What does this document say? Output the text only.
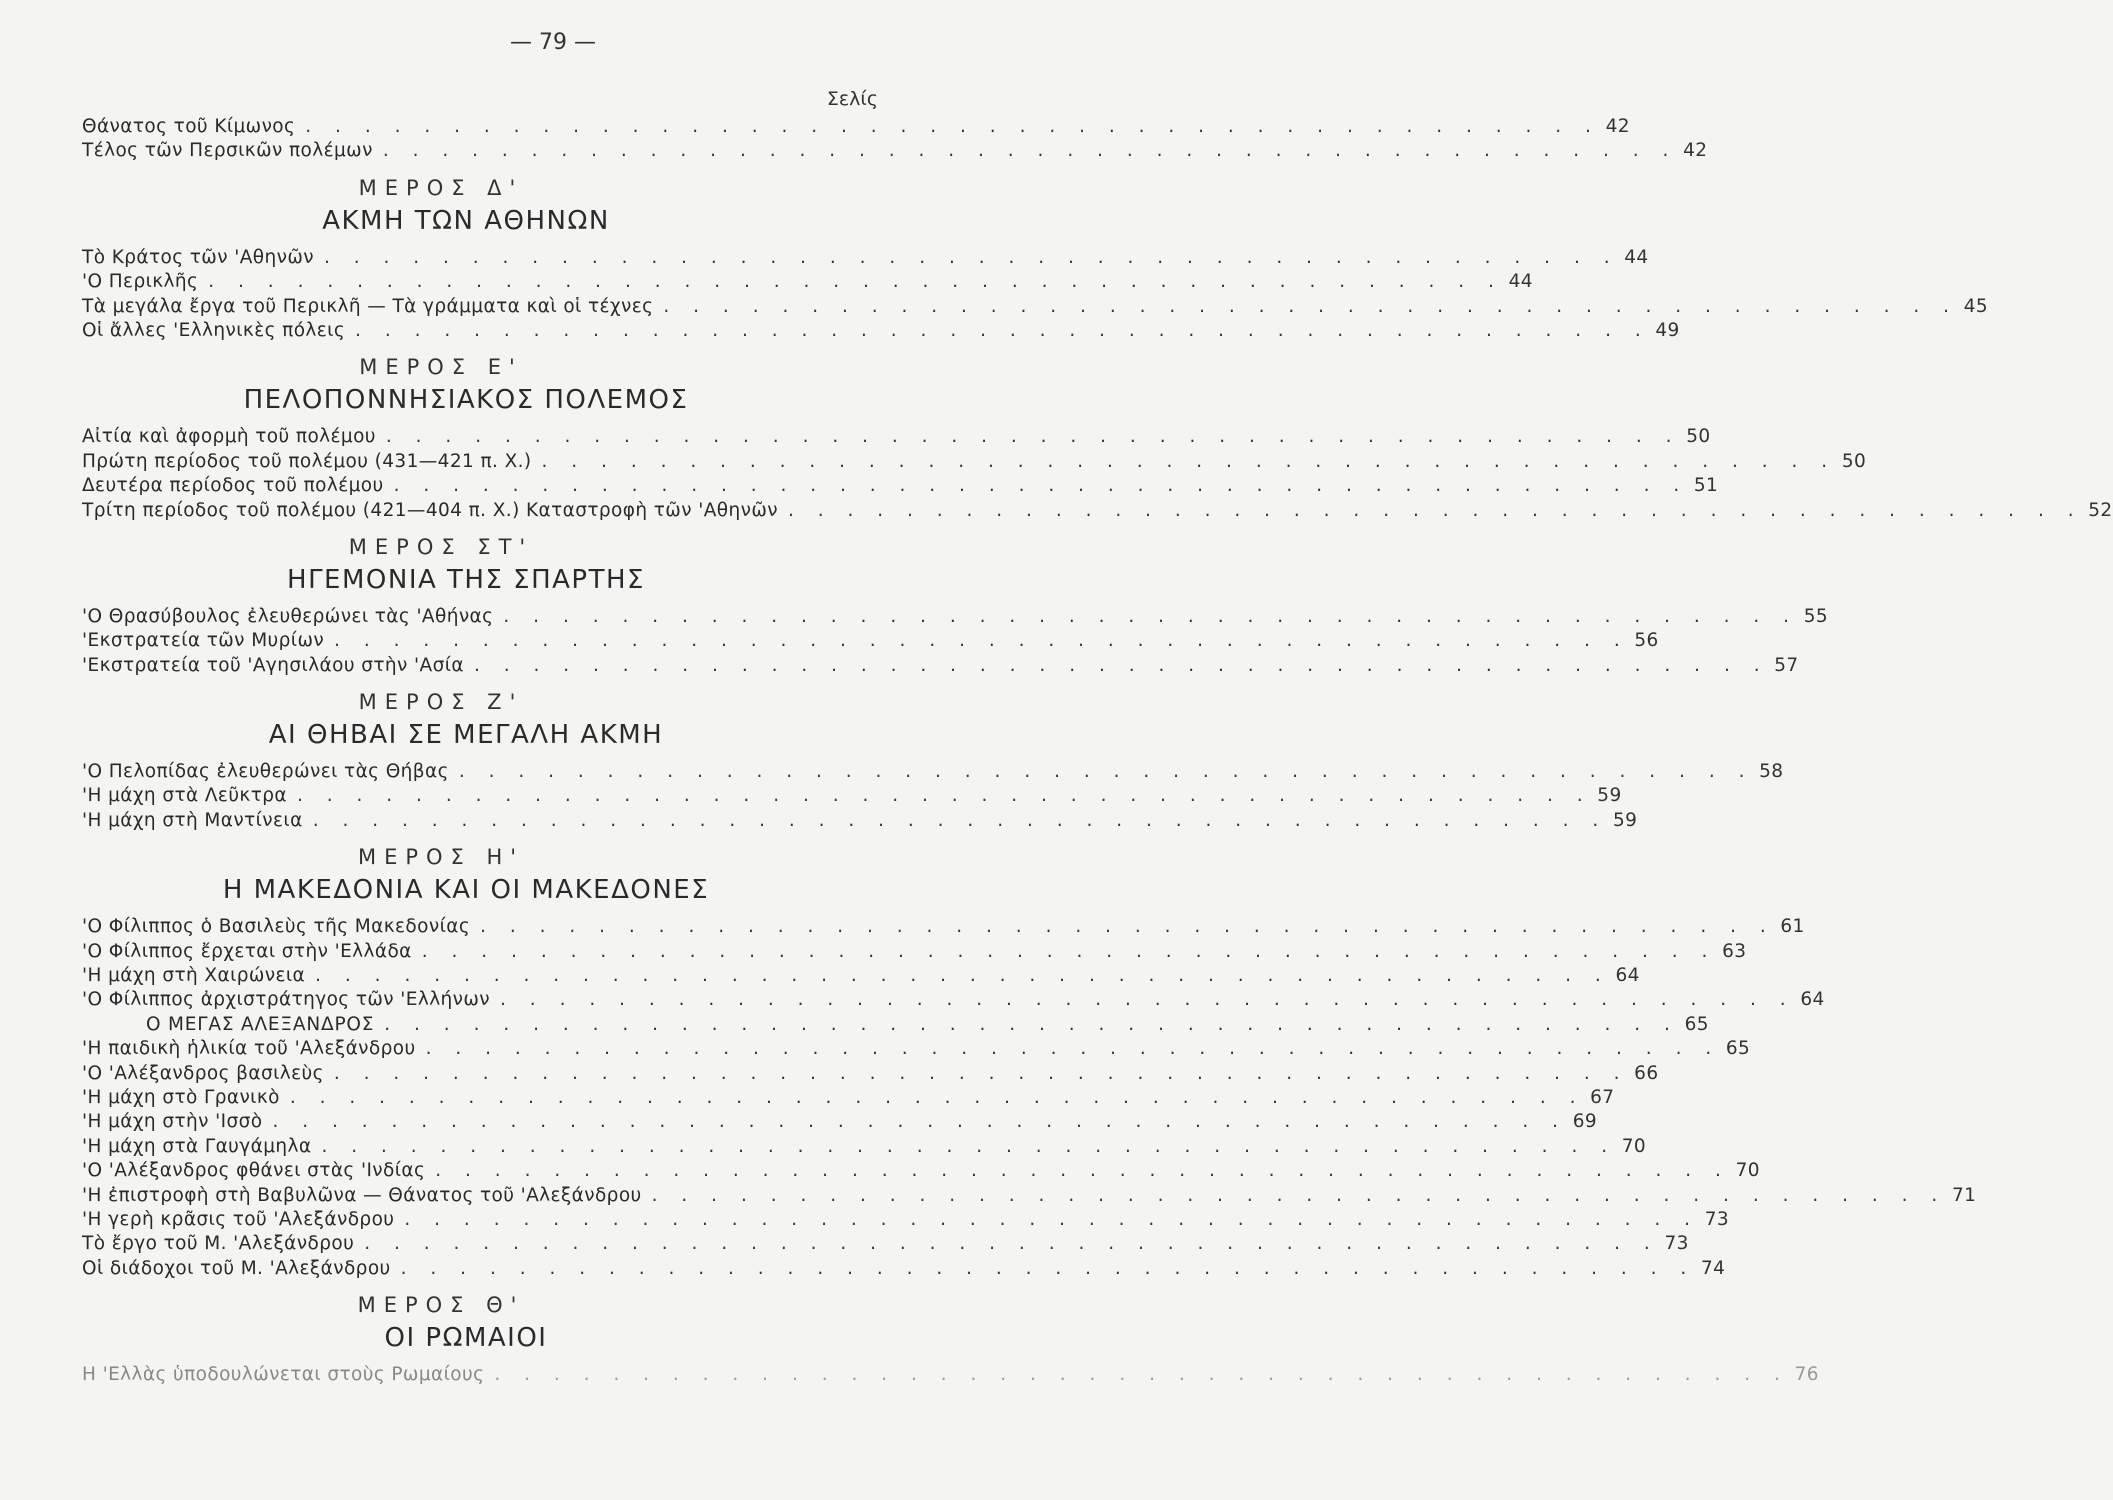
— 79 —
Σελίς
Θάνατος τοῦ Κίμωνος . . . . . . . . . . . . . . . . . . . . . . . . . . . . . . . . . . . . . . . . . . . . 42
Τέλος τῶν Περσικῶν πολέμων . . . . . . . . . . . . . . . . . . . . . . . . . . . . . . . . . . . . . . . . . . . . 42
ΜΕΡΟΣ Δ'
ΑΚΜΗ ΤΩΝ ΑΘΗΝΩΝ
Τὸ Κράτος τῶν 'Αθηνῶν . . . . . . . . . . . . . . . . . . . . . . . . . . . . . . . . . . . . . . . . . . . . 44
'Ο Περικλῆς . . . . . . . . . . . . . . . . . . . . . . . . . . . . . . . . . . . . . . . . . . . . 44
Τὰ μεγάλα ἔργα τοῦ Περικλῆ — Τὰ γράμματα καὶ οἱ τέχνες . . . . . . . . . . . . . . . . . . . . . . . . . . . . . . . . . . . . . . . . . . . . 45
Οἱ ἄλλες 'Ελληνικὲς πόλεις . . . . . . . . . . . . . . . . . . . . . . . . . . . . . . . . . . . . . . . . . . . . 49
ΜΕΡΟΣ Ε'
ΠΕΛΟΠΟΝΝΗΣΙΑΚΟΣ ΠΟΛΕΜΟΣ
Αἰτία καὶ ἀφορμὴ τοῦ πολέμου . . . . . . . . . . . . . . . . . . . . . . . . . . . . . . . . . . . . . . . . . . . . 50
Πρώτη περίοδος τοῦ πολέμου (431—421 π. Χ.) . . . . . . . . . . . . . . . . . . . . . . . . . . . . . . . . . . . . . . . . . . . . 50
Δευτέρα περίοδος τοῦ πολέμου . . . . . . . . . . . . . . . . . . . . . . . . . . . . . . . . . . . . . . . . . . . . 51
Τρίτη περίοδος τοῦ πολέμου (421—404 π. Χ.) Καταστροφὴ τῶν 'Αθηνῶν . . . . . . . . . . . . . . . . . . . . . . . . . . . . . . . . . . . . . . . . . . . . 52
ΜΕΡΟΣ ΣΤ'
ΗΓΕΜΟΝΙΑ ΤΗΣ ΣΠΑΡΤΗΣ
'Ο Θρασύβουλος ἐλευθερώνει τὰς 'Αθήνας . . . . . . . . . . . . . . . . . . . . . . . . . . . . . . . . . . . . . . . . . . . . 55
'Εκστρατεία τῶν Μυρίων . . . . . . . . . . . . . . . . . . . . . . . . . . . . . . . . . . . . . . . . . . . . 56
'Εκστρατεία τοῦ 'Αγησιλάου στὴν 'Ασία . . . . . . . . . . . . . . . . . . . . . . . . . . . . . . . . . . . . . . . . . . . . 57
ΜΕΡΟΣ Ζ'
ΑΙ ΘΗΒΑΙ ΣΕ ΜΕΓΑΛΗ ΑΚΜΗ
'Ο Πελοπίδας ἐλευθερώνει τὰς Θήβας . . . . . . . . . . . . . . . . . . . . . . . . . . . . . . . . . . . . . . . . . . . . 58
'Η μάχη στὰ Λεῦκτρα . . . . . . . . . . . . . . . . . . . . . . . . . . . . . . . . . . . . . . . . . . . . 59
'Η μάχη στὴ Μαντίνεια . . . . . . . . . . . . . . . . . . . . . . . . . . . . . . . . . . . . . . . . . . . . 59
ΜΕΡΟΣ Η'
Η ΜΑΚΕΔΟΝΙΑ ΚΑΙ ΟΙ ΜΑΚΕΔΟΝΕΣ
'Ο Φίλιππος ὁ Βασιλεὺς τῆς Μακεδονίας . . . . . . . . . . . . . . . . . . . . . . . . . . . . . . . . . . . . . . . . . . . . 61
'Ο Φίλιππος ἔρχεται στὴν 'Ελλάδα . . . . . . . . . . . . . . . . . . . . . . . . . . . . . . . . . . . . . . . . . . . . 63
'Η μάχη στὴ Χαιρώνεια . . . . . . . . . . . . . . . . . . . . . . . . . . . . . . . . . . . . . . . . . . . . 64
'Ο Φίλιππος ἀρχιστράτηγος τῶν 'Ελλήνων . . . . . . . . . . . . . . . . . . . . . . . . . . . . . . . . . . . . . . . . . . . . 64
Ο ΜΕΓΑΣ ΑΛΕΞΑΝΔΡΟΣ . . . . . . . . . . . . . . . . . . . . . . . . . . . . . . . . . . . . . . . . . . . . 65
'Η παιδικὴ ἡλικία τοῦ 'Αλεξάνδρου . . . . . . . . . . . . . . . . . . . . . . . . . . . . . . . . . . . . . . . . . . . . 65
'Ο 'Αλέξανδρος βασιλεὺς . . . . . . . . . . . . . . . . . . . . . . . . . . . . . . . . . . . . . . . . . . . . 66
'Η μάχη στὸ Γρανικὸ . . . . . . . . . . . . . . . . . . . . . . . . . . . . . . . . . . . . . . . . . . . . 67
'Η μάχη στὴν 'Ισσὸ . . . . . . . . . . . . . . . . . . . . . . . . . . . . . . . . . . . . . . . . . . . . 69
'Η μάχη στὰ Γαυγάμηλα . . . . . . . . . . . . . . . . . . . . . . . . . . . . . . . . . . . . . . . . . . . . 70
'Ο 'Αλέξανδρος φθάνει στὰς 'Ινδίας . . . . . . . . . . . . . . . . . . . . . . . . . . . . . . . . . . . . . . . . . . . . 70
'Η ἐπιστροφὴ στὴ Βαβυλῶνα — Θάνατος τοῦ 'Αλεξάνδρου . . . . . . . . . . . . . . . . . . . . . . . . . . . . . . . . . . . . . . . . . . . . 71
'Η γερὴ κρᾶσις τοῦ 'Αλεξάνδρου . . . . . . . . . . . . . . . . . . . . . . . . . . . . . . . . . . . . . . . . . . . . 73
Τὸ ἔργο τοῦ Μ. 'Αλεξάνδρου . . . . . . . . . . . . . . . . . . . . . . . . . . . . . . . . . . . . . . . . . . . . 73
Οἱ διάδοχοι τοῦ Μ. 'Αλεξάνδρου . . . . . . . . . . . . . . . . . . . . . . . . . . . . . . . . . . . . . . . . . . . . 74
ΜΕΡΟΣ Θ'
ΟΙ ΡΩΜΑΙΟΙ
Η 'Ελλὰς ὑποδουλώνεται στοὺς Ρωμαίους . . . . . . . . . . . . . . . . . . . . . . . . . . . . . . . . . . . . . . . . . . . . 76
